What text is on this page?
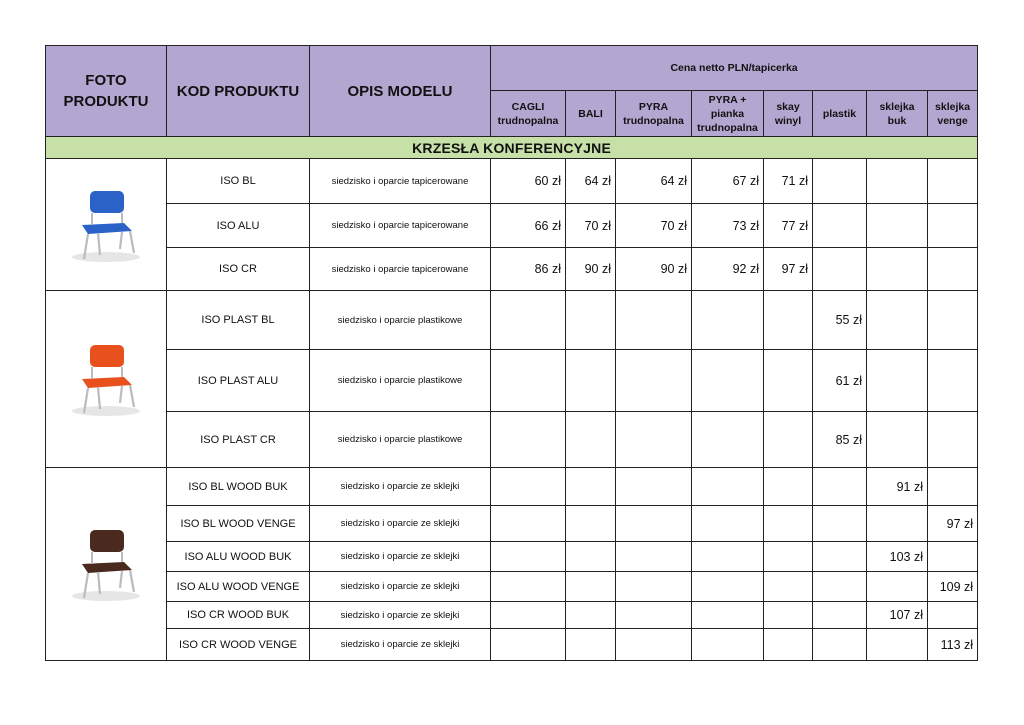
FOTO PRODUKTU	KOD PRODUKTU	OPIS MODELU	Cena netto PLN/tapicerka							
			CAGLI trudnopalna	BALI	PYRA trudnopalna	PYRA + pianka trudnopalna	skay winyl	plastik	sklejka buk	sklejka venge
KRZESŁA KONFERENCYJNE										

	ISO BL	siedzisko i oparcie tapicerowane	60 zł	64 zł	64 zł	67 zł	71 zł			
	ISO ALU	siedzisko i oparcie tapicerowane	66 zł	70 zł	70 zł	73 zł	77 zł			
	ISO CR	siedzisko i oparcie tapicerowane	86 zł	90 zł	90 zł	92 zł	97 zł			

	ISO PLAST BL	siedzisko i oparcie plastikowe						55 zł		
	ISO PLAST ALU	siedzisko i oparcie plastikowe						61 zł		
	ISO PLAST CR	siedzisko i oparcie plastikowe						85 zł		

	ISO BL WOOD BUK	siedzisko i oparcie ze sklejki							91 zł	
	ISO BL WOOD VENGE	siedzisko i oparcie ze sklejki								97 zł
	ISO ALU WOOD BUK	siedzisko i oparcie ze sklejki							103 zł	
	ISO ALU WOOD VENGE	siedzisko i oparcie ze sklejki								109 zł
	ISO CR WOOD BUK	siedzisko i oparcie ze sklejki							107 zł	
	ISO CR WOOD VENGE	siedzisko i oparcie ze sklejki								113 zł
